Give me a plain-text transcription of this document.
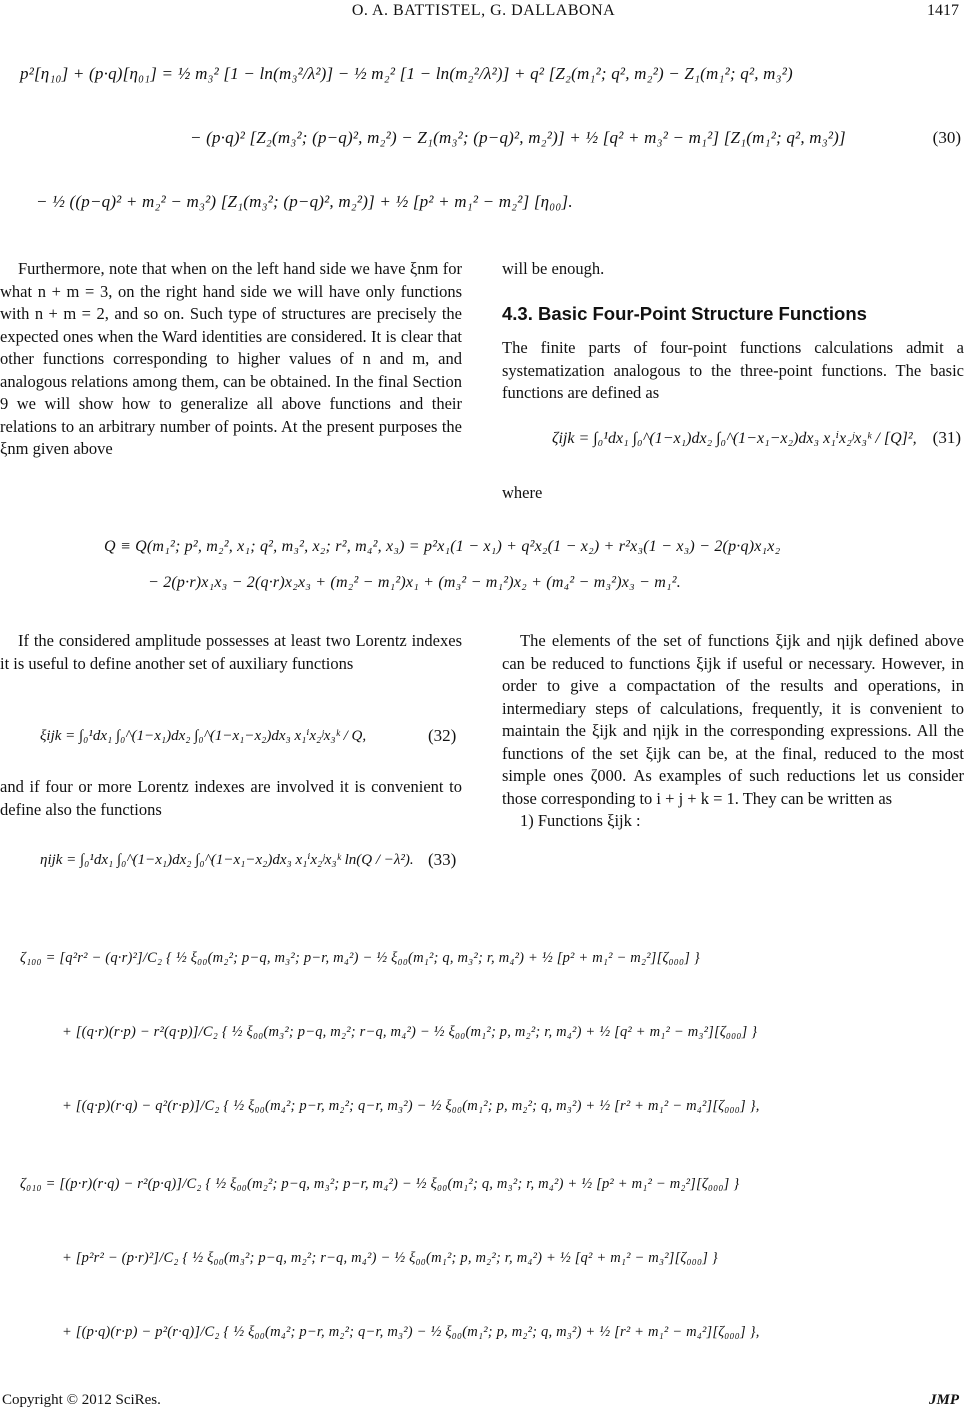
O. A. BATTISTEL, G. DALLABONA	1417
p²[η₁₀] + (p·q)[η₀₁] = ½ m₃² [1 − ln(m₃²/λ²)] − ½ m₂² [1 − ln(m₂²/λ²)] + q² [Z₂(m₁²; q², m₂²) − Z₁(m₁²; q², m₃²)
− (p·q)² [Z₂(m₃²; (p−q)², m₂²) − Z₁(m₃²; (p−q)², m₂²)] + ½ [q² + m₃² − m₁²] [Z₁(m₁²; q², m₃²)]
− ½ ((p−q)² + m₂² − m₃²) [Z₁(m₃²; (p−q)², m₂²)] + ½ [p² + m₁² − m₂²] [η₀₀].
(30)

Furthermore, note that when on the left hand side we have ξnm for what n + m = 3, on the right hand side we will have only functions with n + m = 2, and so on. Such type of structures are precisely the expected ones when the Ward identities are considered. It is clear that other functions corresponding to higher values of n and m, and analogous relations among them, can be obtained. In the final Section 9 we will show how to generalize all above functions and their relations to an arbitrary number of points. At the present purposes the ξnm given above

will be enough.

4.3. Basic Four-Point Structure Functions

The finite parts of four-point functions calculations admit a systematization analogous to the three-point functions. The basic functions are defined as

ζijk = ∫₀¹dx₁ ∫₀^(1−x₁)dx₂ ∫₀^(1−x₁−x₂)dx₃ x₁ⁱx₂ʲx₃ᵏ / [Q]², (31)
where
Q ≡ Q(m₁²; p², m₂², x₁; q², m₃², x₂; r², m₄², x₃) = p²x₁(1 − x₁) + q²x₂(1 − x₂) + r²x₃(1 − x₃) − 2(p·q)x₁x₂
− 2(p·r)x₁x₃ − 2(q·r)x₂x₃ + (m₂² − m₁²)x₁ + (m₃² − m₁²)x₂ + (m₄² − m₃²)x₃ − m₁².

If the considered amplitude possesses at least two Lorentz indexes it is useful to define another set of auxiliary functions

ξijk = ∫₀¹dx₁ ∫₀^(1−x₁)dx₂ ∫₀^(1−x₁−x₂)dx₃ x₁ⁱx₂ʲx₃ᵏ / Q,	(32)

and if four or more Lorentz indexes are involved it is convenient to define also the functions

ηijk = ∫₀¹dx₁ ∫₀^(1−x₁)dx₂ ∫₀^(1−x₁−x₂)dx₃ x₁ⁱx₂ʲx₃ᵏ ln(Q / −λ²). (33)

The elements of the set of functions ξijk and ηijk defined above can be reduced to functions ξijk if useful or necessary. However, in order to give a compactation of the results and operations, in intermediary steps of calculations, frequently, it is convenient to maintain the ξijk and ηijk in the corresponding expressions. All the functions of the set ξijk can be, at the final, reduced to the most simple ones ζ000. As examples of such reductions let us consider those corresponding to i + j + k = 1. They can be written as

1) Functions ξijk :

ζ₁₀₀ = [q²r² − (q·r)²]/C₂ { ½ ξ₀₀(m₂²; p−q, m₃²; p−r, m₄²) − ½ ξ₀₀(m₁²; q, m₃²; r, m₄²) + ½ [p² + m₁² − m₂²][ζ₀₀₀] }
+ [(q·r)(r·p) − r²(q·p)]/C₂ { ½ ξ₀₀(m₃²; p−q, m₂²; r−q, m₄²) − ½ ξ₀₀(m₁²; p, m₂²; r, m₄²) + ½ [q² + m₁² − m₃²][ζ₀₀₀] }
+ [(q·p)(r·q) − q²(r·p)]/C₂ { ½ ξ₀₀(m₄²; p−r, m₂²; q−r, m₃²) − ½ ξ₀₀(m₁²; p, m₂²; q, m₃²) + ½ [r² + m₁² − m₄²][ζ₀₀₀] },
ζ₀₁₀ = [(p·r)(r·q) − r²(p·q)]/C₂ { ½ ξ₀₀(m₂²; p−q, m₃²; p−r, m₄²) − ½ ξ₀₀(m₁²; q, m₃²; r, m₄²) + ½ [p² + m₁² − m₂²][ζ₀₀₀] }
+ [p²r² − (p·r)²]/C₂ { ½ ξ₀₀(m₃²; p−q, m₂²; r−q, m₄²) − ½ ξ₀₀(m₁²; p, m₂²; r, m₄²) + ½ [q² + m₁² − m₃²][ζ₀₀₀] }
+ [(p·q)(r·p) − p²(r·q)]/C₂ { ½ ξ₀₀(m₄²; p−r, m₂²; q−r, m₃²) − ½ ξ₀₀(m₁²; p, m₂²; q, m₃²) + ½ [r² + m₁² − m₄²][ζ₀₀₀] },
Copyright © 2012 SciRes.	JMP
